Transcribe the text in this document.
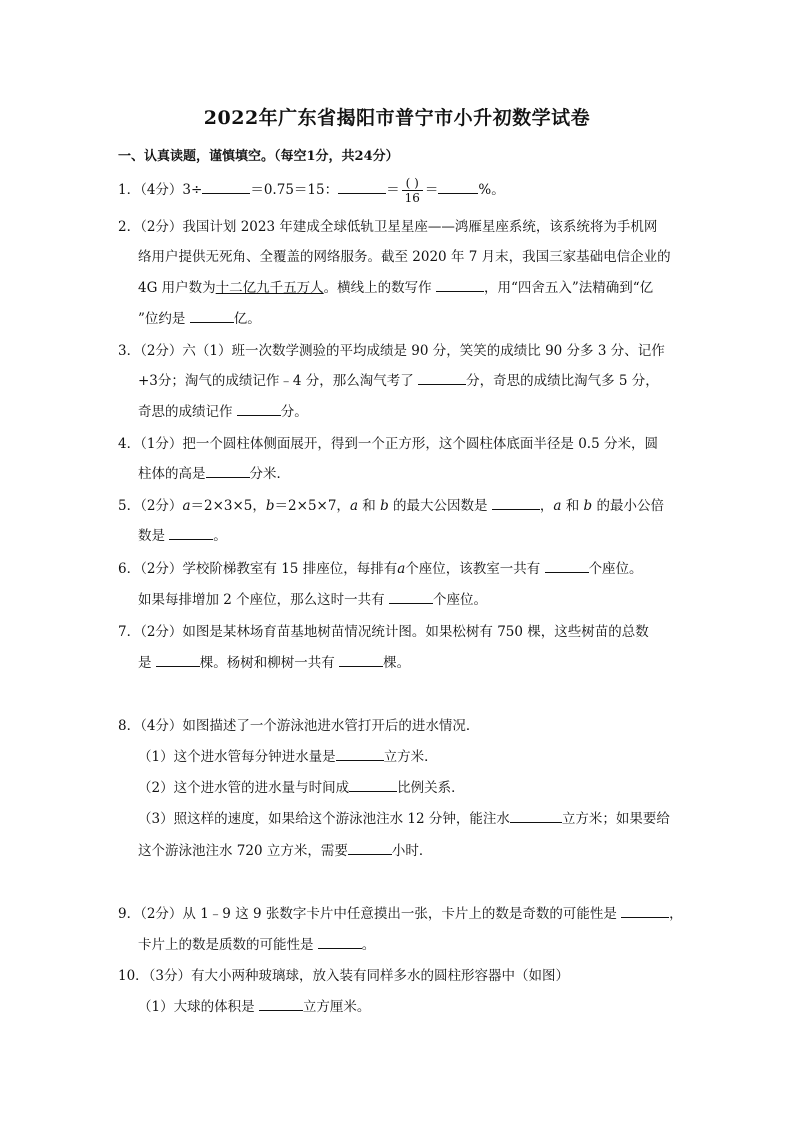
2022年广东省揭阳市普宁市小升初数学试卷
一、认真读题，谨慎填空。（每空1分，共24分）
1．（4分）3÷	＝0.75＝15：	＝ $\frac{( )}{16}$ ＝	%。
2．（2分）我国计划 2023 年建成全球低轨卫星星座——鸿雁星座系统，该系统将为手机网
络用户提供无死角、全覆盖的网络服务。截至 2020 年 7 月末，我国三家基础电信企业的
4G 用户数为十二亿九千五万人。横线上的数写作	，用“四舍五入”法精确到“亿
”位约是	亿。
3．（2分）六（1）班一次数学测验的平均成绩是 90 分，笑笑的成绩比 90 分多 3 分、记作
+3分；淘气的成绩记作﹣4 分，那么淘气考了	分，奇思的成绩比淘气多 5 分，
奇思的成绩记作	分。
4．（1分）把一个圆柱体侧面展开，得到一个正方形，这个圆柱体底面半径是 0.5 分米，圆
柱体的高是	分米．
5．（2分）a＝2×3×5，b＝2×5×7，a 和 b 的最大公因数是	，a 和 b 的最小公倍
数是	。
6．（2分）学校阶梯教室有 15 排座位，每排有a个座位，该教室一共有	个座位。
如果每排增加 2 个座位，那么这时一共有	个座位。
7．（2分）如图是某林场育苗基地树苗情况统计图。如果松树有 750 棵，这些树苗的总数
是	棵。杨树和柳树一共有	棵。
8．（4分）如图描述了一个游泳池进水管打开后的进水情况．
（1）这个进水管每分钟进水量是	立方米．
（2）这个进水管的进水量与时间成	比例关系．
（3）照这样的速度，如果给这个游泳池注水 12 分钟，能注水	立方米；如果要给
这个游泳池注水 720 立方米，需要	小时．
9．（2分）从 1﹣9 这 9 张数字卡片中任意摸出一张，卡片上的数是奇数的可能性是	，
卡片上的数是质数的可能性是	。
10．（3分）有大小两种玻璃球，放入装有同样多水的圆柱形容器中（如图）
（1）大球的体积是	立方厘米。
